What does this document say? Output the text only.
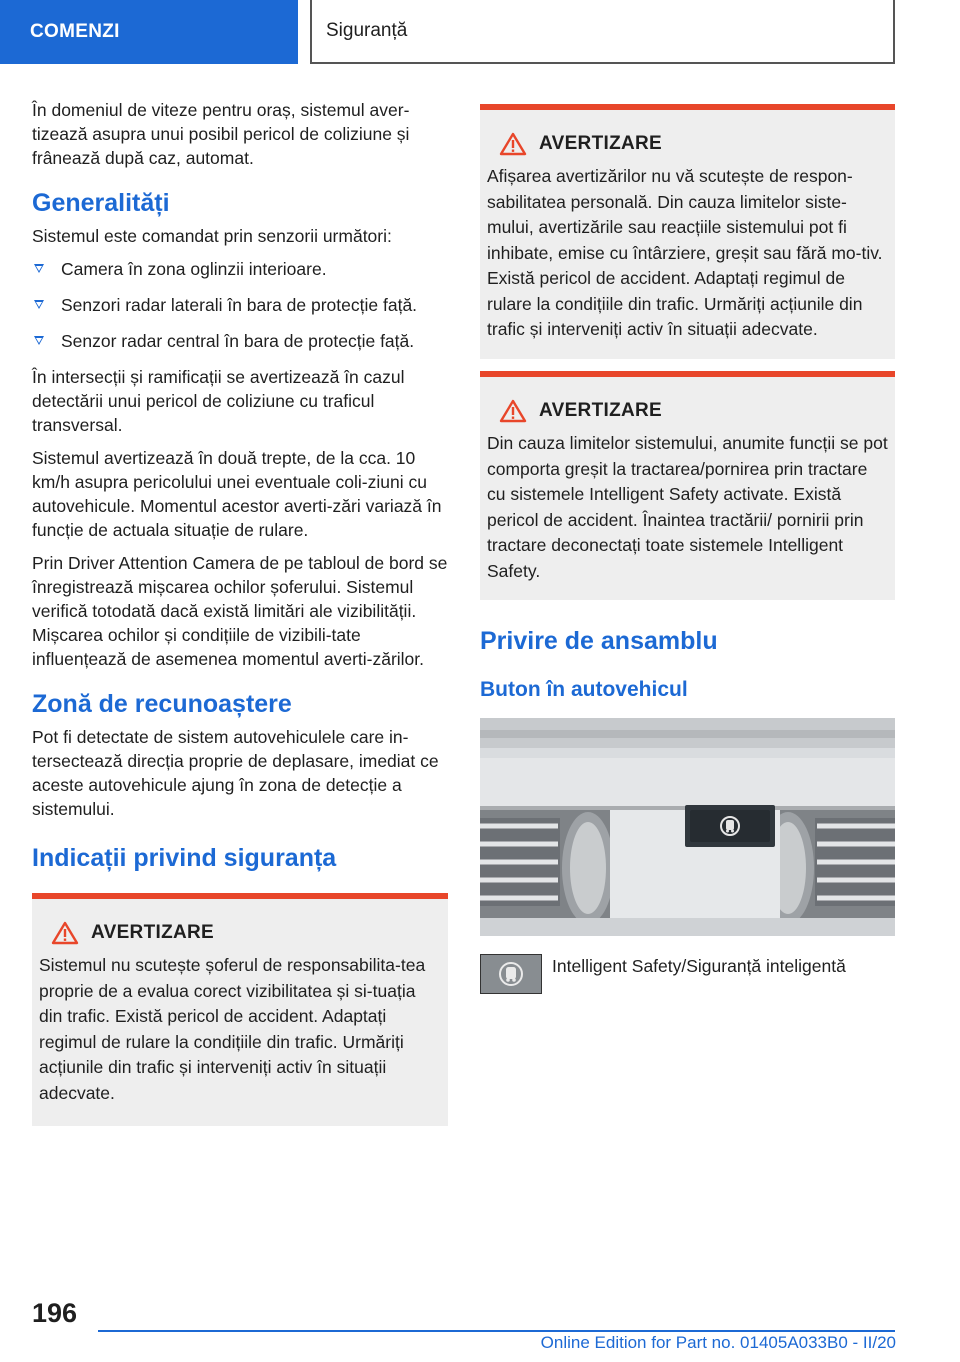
COMENZI	Siguranță

În domeniul de viteze pentru oraș, sistemul aver-tizează asupra unui posibil pericol de coliziune și frânează după caz, automat.

Generalități

Sistemul este comandat prin senzorii următori:

Camera în zona oglinzii interioare.
Senzori radar laterali în bara de protecție față.
Senzor radar central în bara de protecție față.

În intersecții și ramificații se avertizează în cazul detectării unui pericol de coliziune cu traficul transversal.

Sistemul avertizează în două trepte, de la cca. 10 km/h asupra pericolului unei eventuale coli-ziuni cu autovehicule. Momentul acestor averti-zări variază în funcție de actuala situație de rulare.

Prin Driver Attention Camera de pe tabloul de bord se înregistrează mișcarea ochilor șoferului. Sistemul verifică totodată dacă există limitări ale vizibilității. Mișcarea ochilor și condițiile de vizibili-tate influențează de asemenea momentul averti-zărilor.

Zonă de recunoaștere

Pot fi detectate de sistem autovehiculele care in-tersectează direcția proprie de deplasare, imediat ce aceste autovehicule ajung în zona de detecție a sistemului.

Indicații privind siguranța
AVERTIZARE

Sistemul nu scutește șoferul de responsabilita-tea proprie de a evalua corect vizibilitatea și si-tuația din trafic. Există pericol de accident. Adaptați regimul de rulare la condițiile din trafic. Urmăriți acțiunile din trafic și interveniți activ în situații adecvate.

AVERTIZARE

Afișarea avertizărilor nu vă scutește de respon-sabilitatea personală. Din cauza limitelor siste-mului, avertizările sau reacțiile sistemului pot fi inhibate, emise cu întârziere, greșit sau fără mo-tiv. Există pericol de accident. Adaptați regimul de rulare la condițiile din trafic. Urmăriți acțiunile din trafic și interveniți activ în situații adecvate.

AVERTIZARE

Din cauza limitelor sistemului, anumite funcții se pot comporta greșit la tractarea/pornirea prin tractare cu sistemele Intelligent Safety activate. Există pericol de accident. Înaintea tractării/ pornirii prin tractare deconectați toate sistemele Intelligent Safety.

Privire de ansamblu
Buton în autovehicul
Intelligent Safety/Siguranță inteligentă
196
Online Edition for Part no. 01405A033B0 - II/20
